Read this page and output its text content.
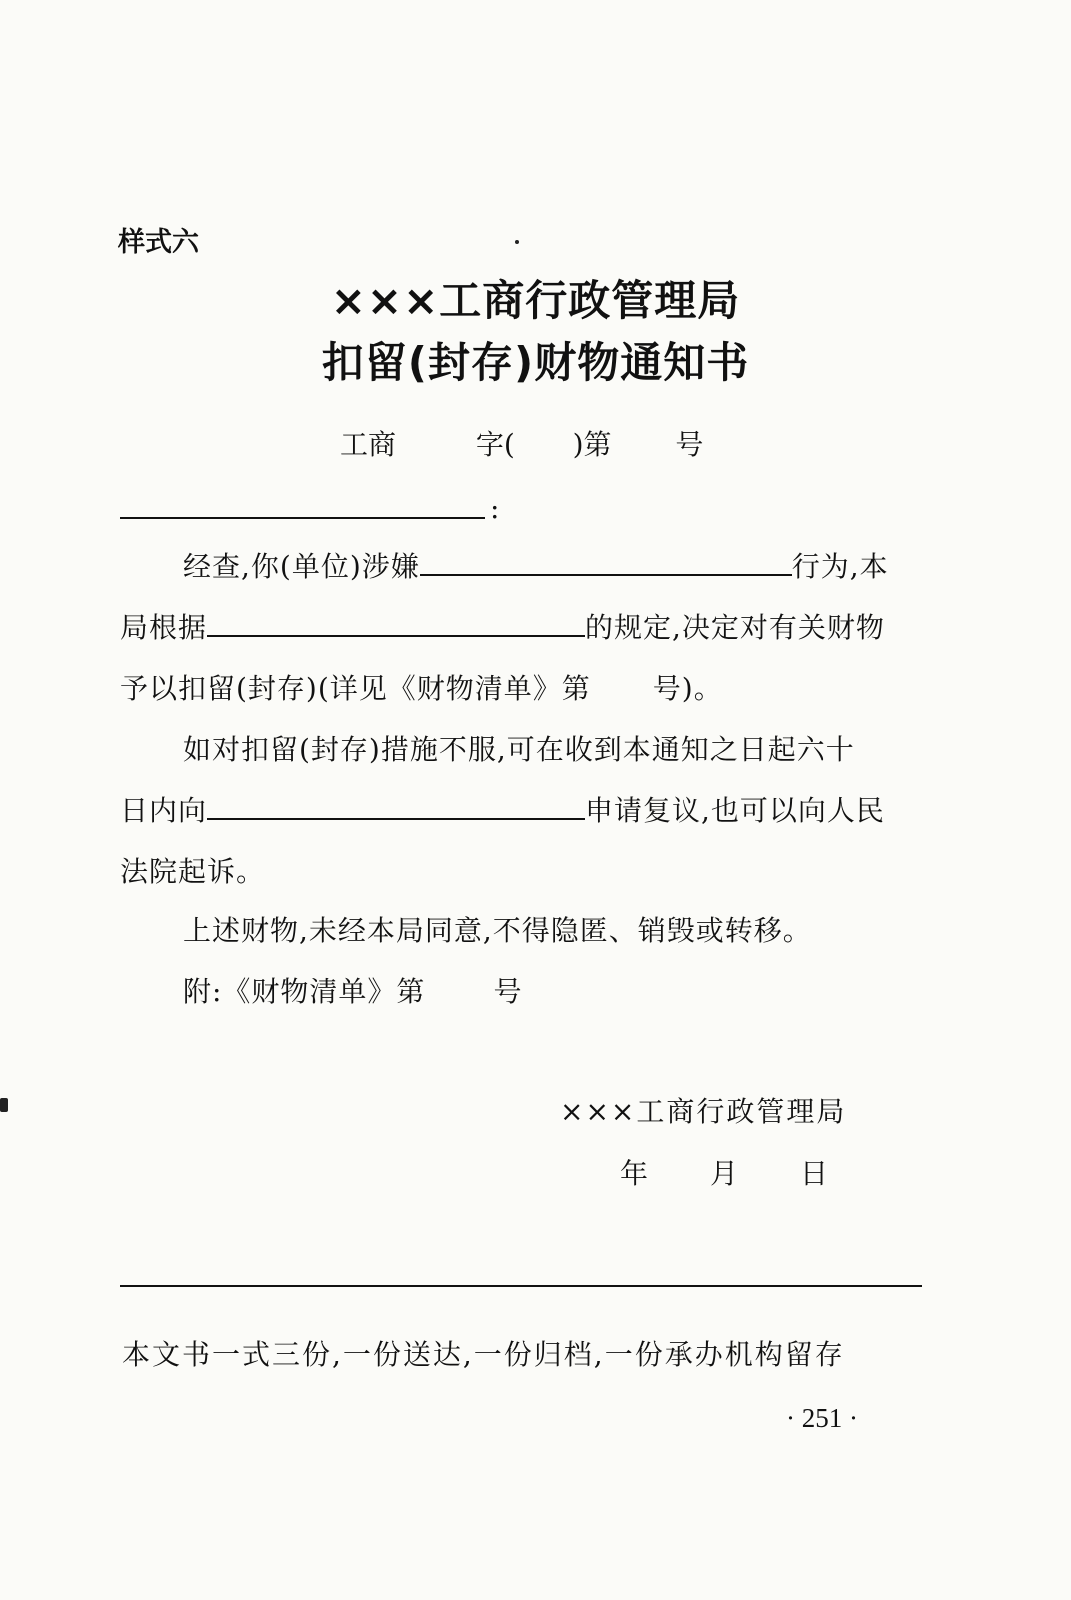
样式六
×××工商行政管理局
扣留(封存)财物通知书
工商	字( )第 号
:
经查,你(单位)涉嫌	行为,本
局根据	的规定,决定对有关财物
予以扣留(封存)(详见《财物清单》第 号)。
如对扣留(封存)措施不服,可在收到本通知之日起六十
日内向	申请复议,也可以向人民
法院起诉。
上述财物,未经本局同意,不得隐匿、销毁或转移。
附:《财物清单》第 号
×××工商行政管理局
年 月 日
本文书一式三份,一份送达,一份归档,一份承办机构留存
· 251 ·
